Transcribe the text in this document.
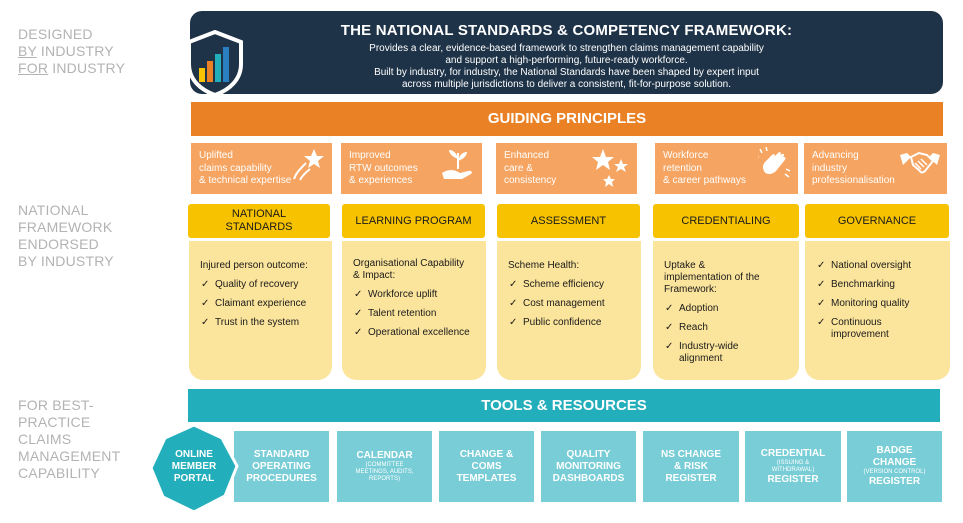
DESIGNED
BY INDUSTRY
FOR INDUSTRY
NATIONAL
FRAMEWORK
ENDORSED
BY INDUSTRY
FOR BEST-
PRACTICE
CLAIMS
MANAGEMENT
CAPABILITY
THE NATIONAL STANDARDS & COMPETENCY FRAMEWORK:
Provides a clear, evidence-based framework to strengthen claims management capability
and support a high-performing, future-ready workforce.
Built by industry, for industry, the National Standards have been shaped by expert input
across multiple jurisdictions to deliver a consistent, fit-for-purpose solution.
GUIDING PRINCIPLES
Uplifted
claims capability
& technical expertise
Improved
RTW outcomes
& experiences
Enhanced
care &
consistency
Workforce
retention
& career pathways
Advancing
industry
professionalisation
NATIONAL
STANDARDS
LEARNING PROGRAM	ASSESSMENT	CREDENTIALING	GOVERNANCE
Injured person outcome:
✓ Quality of recovery
✓ Claimant experience
✓ Trust in the system
Organisational Capability
& Impact:
✓ Workforce uplift
✓ Talent retention
✓ Operational excellence
Scheme Health:
✓ Scheme efficiency
✓ Cost management
✓ Public confidence
Uptake &
implementation of the
Framework:
✓ Adoption
✓ Reach
✓ Industry-wide
alignment
✓ National oversight
✓ Benchmarking
✓ Monitoring quality
✓ Continuous
improvement
TOOLS & RESOURCES
STANDARD
OPERATING
PROCEDURES
CALENDAR
(COMMITTEE
MEETINGS, AUDITS,
REPORTS)
CHANGE &
COMS
TEMPLATES
QUALITY
MONITORING
DASHBOARDS
NS CHANGE
& RISK
REGISTER
CREDENTIAL
(ISSUING &
WITHDRAWAL)
REGISTER
BADGE
CHANGE
(VERSION CONTROL)
REGISTER
ONLINE
MEMBER
PORTAL
